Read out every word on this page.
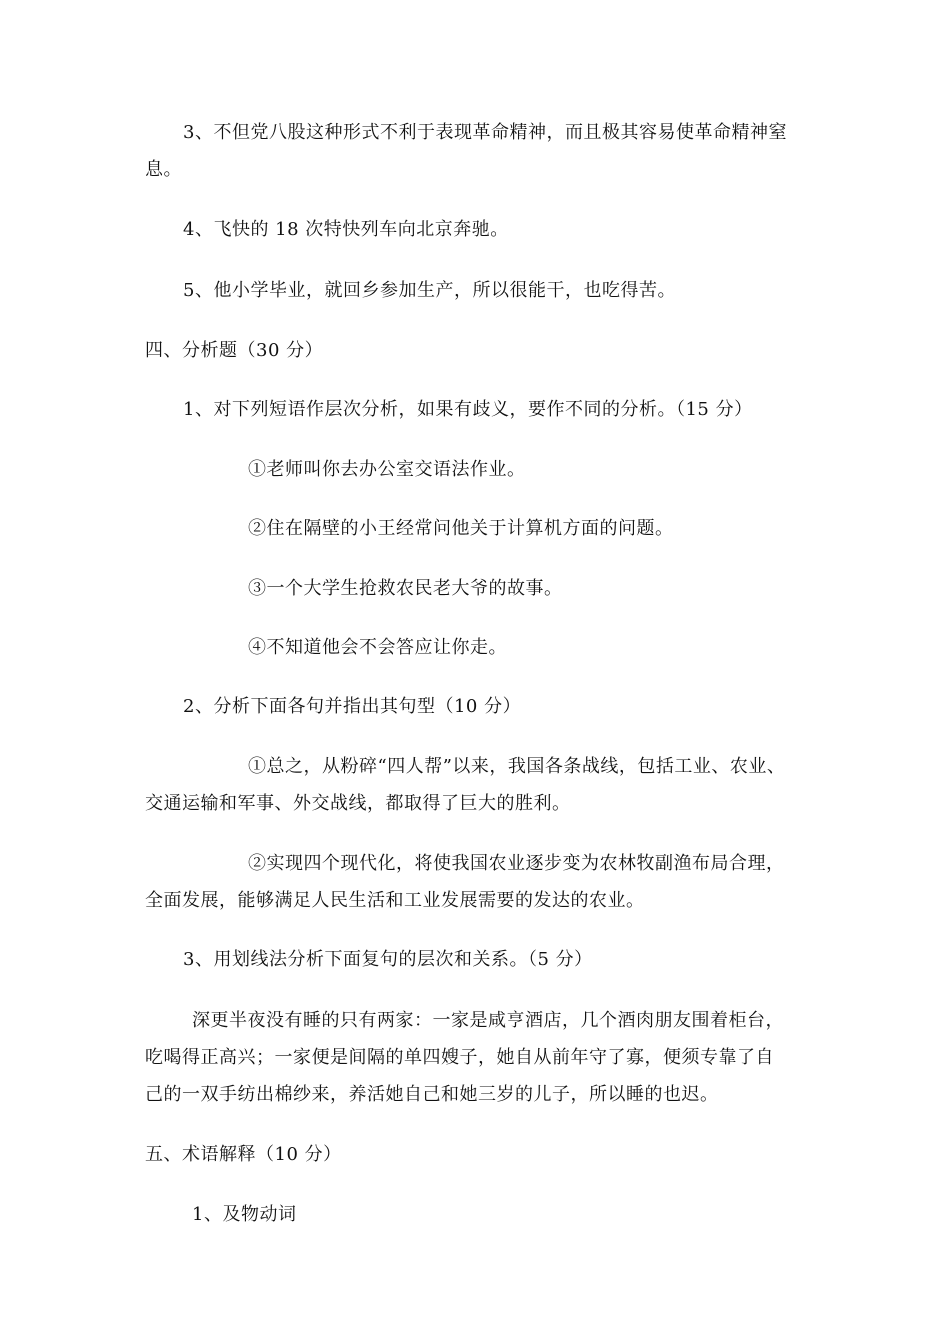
3、不但党八股这种形式不利于表现革命精神，而且极其容易使革命精神窒
息。
4、飞快的 18 次特快列车向北京奔驰。
5、他小学毕业，就回乡参加生产，所以很能干，也吃得苦。
四、分析题（30 分）
1、对下列短语作层次分析，如果有歧义，要作不同的分析。（15 分）
①老师叫你去办公室交语法作业。
②住在隔壁的小王经常问他关于计算机方面的问题。
③一个大学生抢救农民老大爷的故事。
④不知道他会不会答应让你走。
2、分析下面各句并指出其句型（10 分）
①总之，从粉碎“四人帮”以来，我国各条战线，包括工业、农业、
交通运输和军事、外交战线，都取得了巨大的胜利。
②实现四个现代化，将使我国农业逐步变为农林牧副渔布局合理，
全面发展，能够满足人民生活和工业发展需要的发达的农业。
3、用划线法分析下面复句的层次和关系。（5 分）
深更半夜没有睡的只有两家：一家是咸亨酒店，几个酒肉朋友围着柜台，
吃喝得正高兴；一家便是间隔的单四嫂子，她自从前年守了寡，便须专靠了自
己的一双手纺出棉纱来，养活她自己和她三岁的儿子，所以睡的也迟。
五、术语解释（10 分）
1、及物动词
